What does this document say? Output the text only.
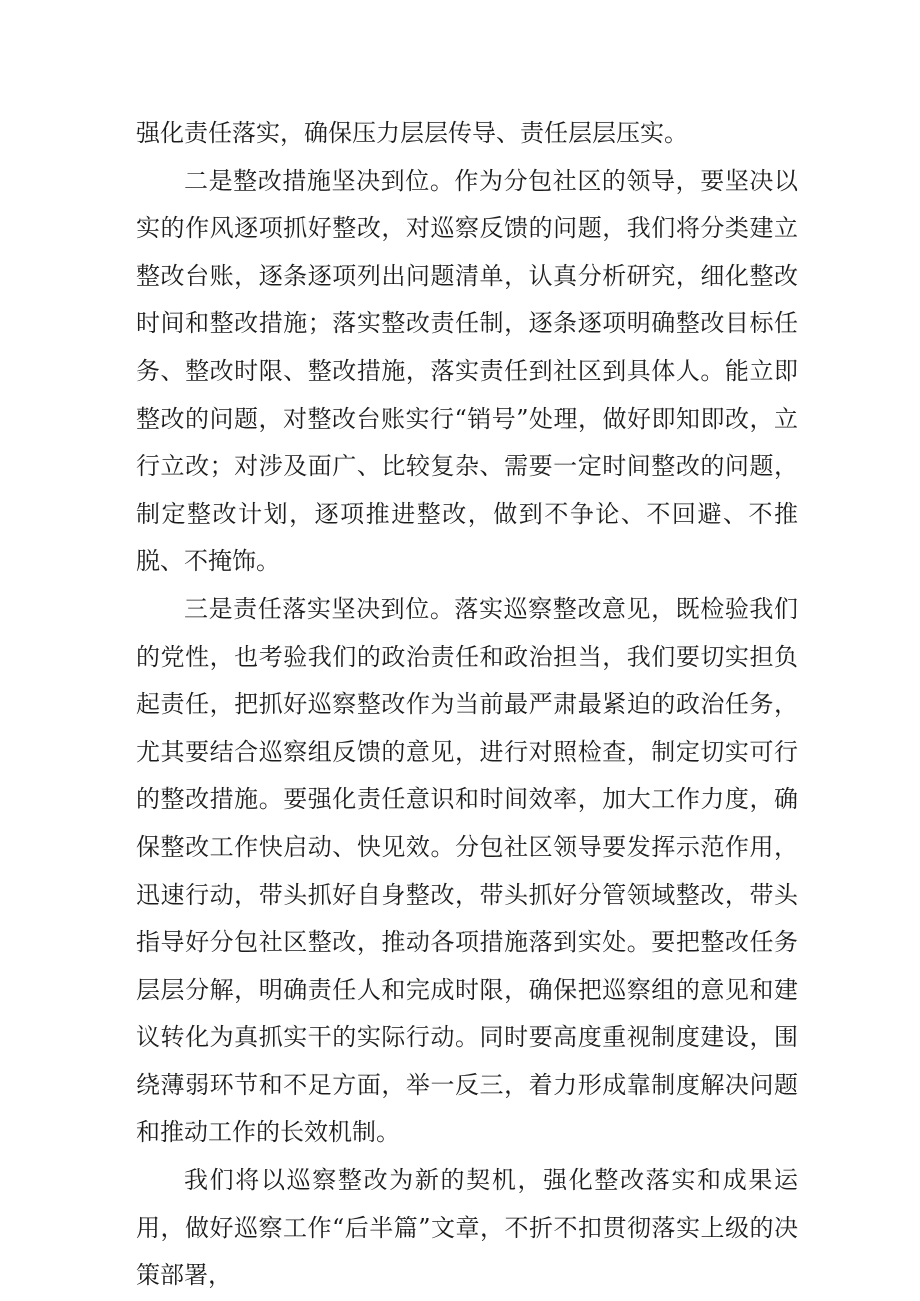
强化责任落实，确保压力层层传导、责任层层压实。

二是整改措施坚决到位。作为分包社区的领导，要坚决以实的作风逐项抓好整改，对巡察反馈的问题，我们将分类建立整改台账，逐条逐项列出问题清单，认真分析研究，细化整改时间和整改措施；落实整改责任制，逐条逐项明确整改目标任务、整改时限、整改措施，落实责任到社区到具体人。能立即整改的问题，对整改台账实行“销号”处理，做好即知即改，立行立改；对涉及面广、比较复杂、需要一定时间整改的问题，制定整改计划，逐项推进整改，做到不争论、不回避、不推脱、不掩饰。

三是责任落实坚决到位。落实巡察整改意见，既检验我们的党性，也考验我们的政治责任和政治担当，我们要切实担负起责任，把抓好巡察整改作为当前最严肃最紧迫的政治任务，尤其要结合巡察组反馈的意见，进行对照检查，制定切实可行的整改措施。要强化责任意识和时间效率，加大工作力度，确保整改工作快启动、快见效。分包社区领导要发挥示范作用，迅速行动，带头抓好自身整改，带头抓好分管领域整改，带头指导好分包社区整改，推动各项措施落到实处。要把整改任务层层分解，明确责任人和完成时限，确保把巡察组的意见和建议转化为真抓实干的实际行动。同时要高度重视制度建设，围绕薄弱环节和不足方面，举一反三，着力形成靠制度解决问题和推动工作的长效机制。

我们将以巡察整改为新的契机，强化整改落实和成果运用，做好巡察工作“后半篇”文章，不折不扣贯彻落实上级的决策部署，
